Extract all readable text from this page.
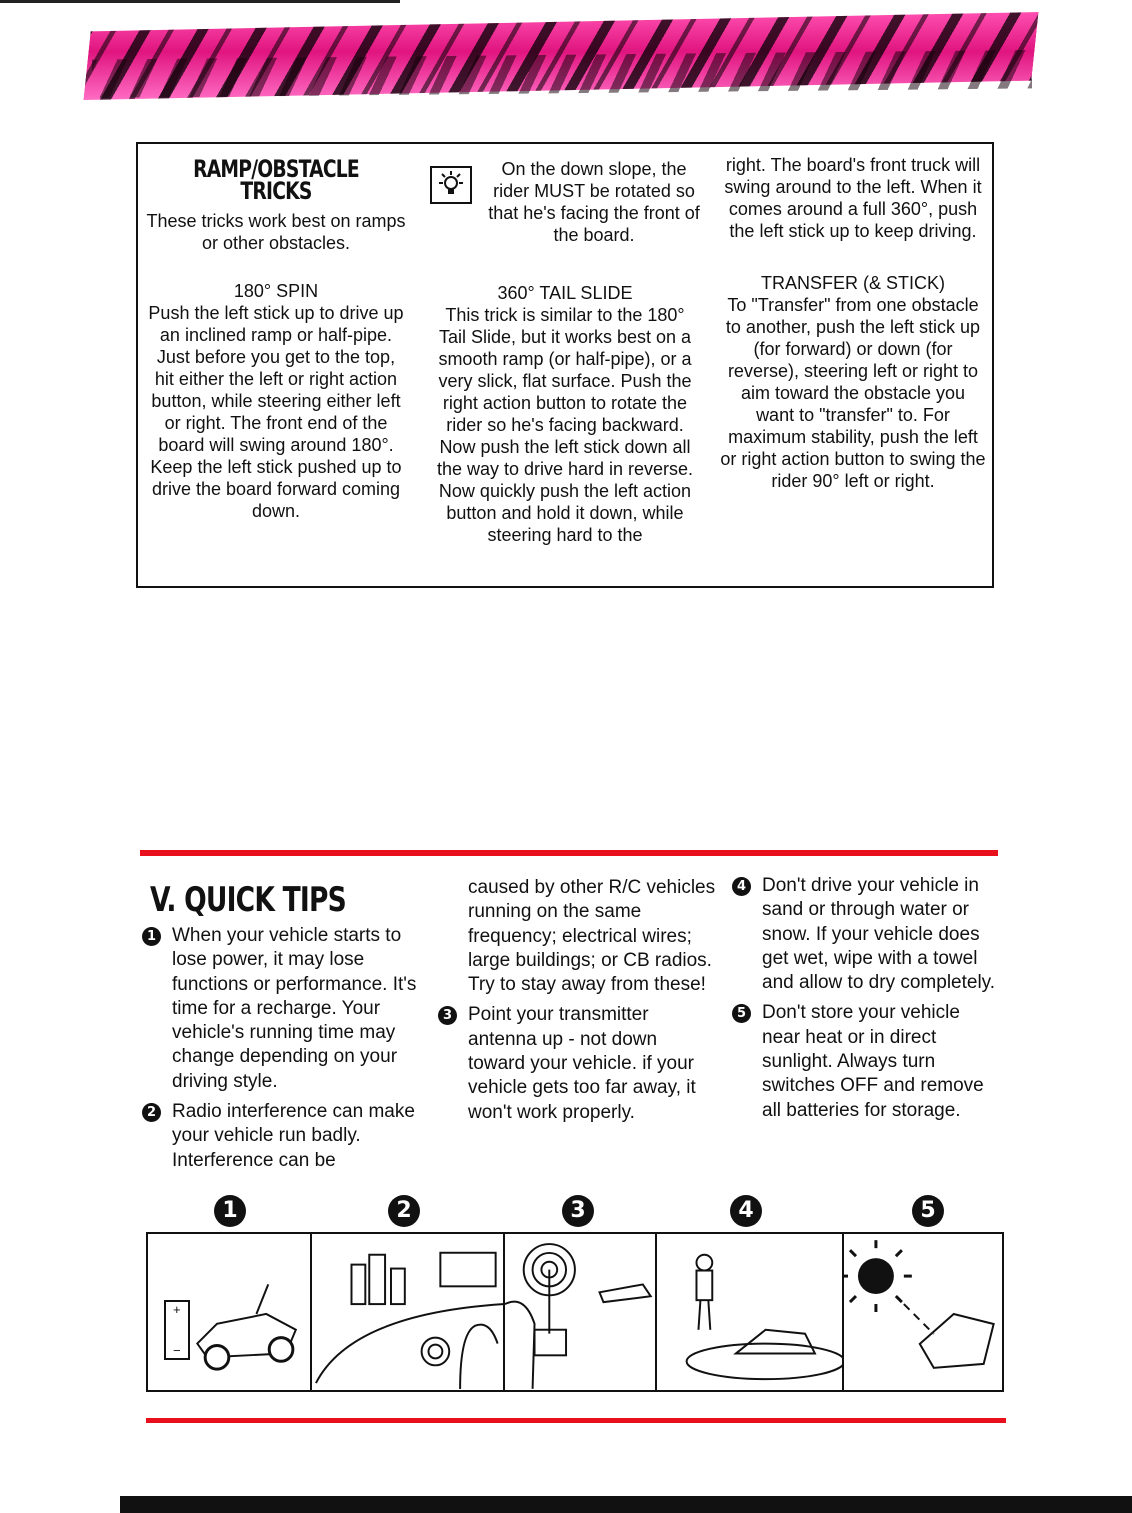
RAMP/OBSTACLE TRICKS

These tricks work best on ramps or other obstacles.

180° SPIN

Push the left stick up to drive up an inclined ramp or half-pipe. Just before you get to the top, hit either the left or right action button, while steering either left or right. The front end of the board will swing around 180°. Keep the left stick pushed up to drive the board forward coming down.

On the down slope, the rider MUST be rotated so that he's facing the front of the board.

360° TAIL SLIDE

This trick is similar to the 180° Tail Slide, but it works best on a smooth ramp (or half-pipe), or a very slick, flat surface. Push the right action button to rotate the rider so he's facing backward. Now push the left stick down all the way to drive hard in reverse. Now quickly push the left action button and hold it down, while steering hard to the

right. The board's front truck will swing around to the left. When it comes around a full 360°, push the left stick up to keep driving.

TRANSFER (& STICK)

To "Transfer" from one obstacle to another, push the left stick up (for forward) or down (for reverse), steering left or right to aim toward the obstacle you want to "transfer" to. For maximum stability, push the left or right action button to swing the rider 90° left or right.

V. QUICK TIPS
1 When your vehicle starts to lose power, it may lose functions or performance. It's time for a recharge. Your vehicle's running time may change depending on your driving style.

2 Radio interference can make your vehicle run badly. Interference can be

caused by other R/C vehicles running on the same frequency; electrical wires; large buildings; or CB radios. Try to stay away from these!

3 Point your transmitter antenna up - not down toward your vehicle. if your vehicle gets too far away, it won't work properly.

4 Don't drive your vehicle in sand or through water or snow. If your vehicle does get wet, wipe with a towel and allow to dry completely.

5 Don't store your vehicle near heat or in direct sunlight. Always turn switches OFF and remove all batteries for storage.

1	2	3	4	5
+
−
